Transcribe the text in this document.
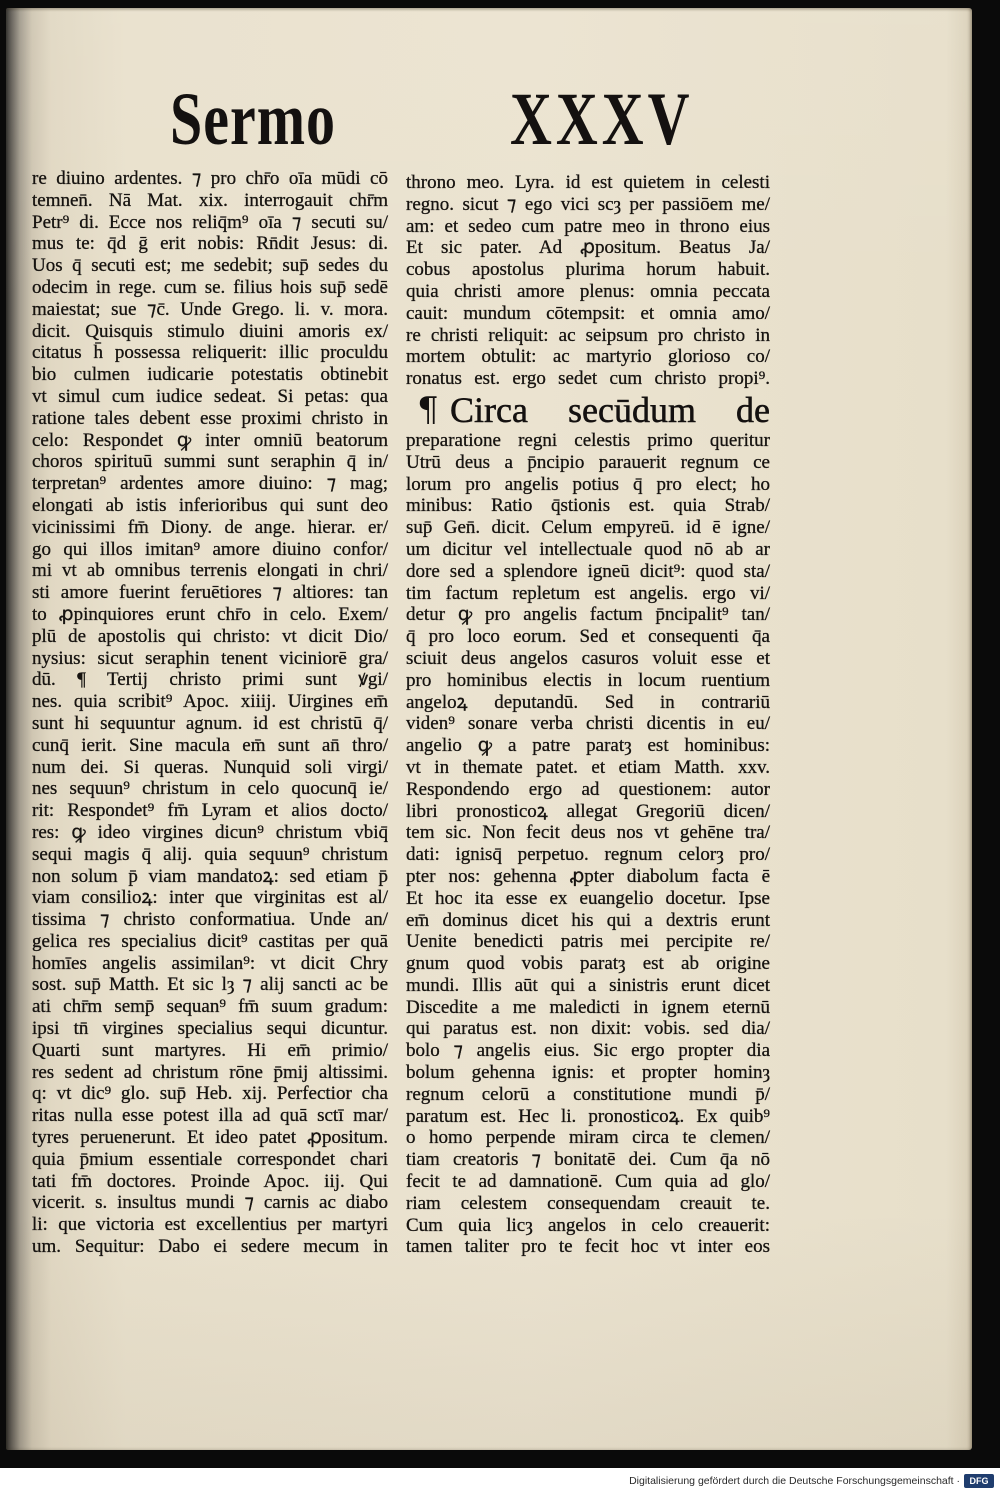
Sermo	XXXV
re diuino ardentes. ⁊ pro chr̄o oīa mūdi cō
temnen̄. Nā Mat. xix. interrogauit chr̄m
Petr⁹ di. Ecce nos reliq̄m⁹ oīa ⁊ secuti su/
mus te: q̄d ḡ erit nobis: Rn̄dit Jesus: di.
Uos q̄ secuti est; me sedebit; sup̄ sedes du
odecim in rege. cum se. filius hois sup̄ sedē
maiestat; sue ⁊c̄. Unde Grego. li. v. mora.
dicit. Quisquis stimulo diuini amoris ex/
citatus h̄ possessa reliquerit: illic proculdu
bio culmen iudicarie potestatis obtinebit
vt simul cum iudice sedeat. Si petas: qua
ratione tales debent esse proximi christo in
celo: Respondet ꝙ inter omniū beatorum
choros spirituū summi sunt seraphin q̄ in/
terpretan⁹ ardentes amore diuino: ⁊ mag;
elongati ab istis inferioribus qui sunt deo
vicinissimi fm̄ Diony. de ange. hierar. er/
go qui illos imitan⁹ amore diuino confor/
mi vt ab omnibus terrenis elongati in chri/
sti amore fuerint feruētiores ⁊ altiores: tan
to ꝓpinquiores erunt chr̄o in celo. Exem/
plū de apostolis qui christo: vt dicit Dio/
nysius: sicut seraphin tenent viciniorē gra/
dū. ¶ Tertij christo primi sunt ꝟgi/
nes. quia scribit⁹ Apoc. xiiij. Uirgines em̄
sunt hi sequuntur agnum. id est christū q̄/
cunq̄ ierit. Sine macula em̄ sunt an̄ thro/
num dei. Si queras. Nunquid soli virgi/
nes sequun⁹ christum in celo quocunq̄ ie/
rit: Respondet⁹ fm̄ Lyram et alios docto/
res: ꝙ ideo virgines dicun⁹ christum vbiq̄
sequi magis q̄ alij. quia sequun⁹ christum
non solum p̄ viam mandatoꝝ: sed etiam p̄
viam consilioꝝ: inter que virginitas est al/
tissima ⁊ christo conformatiua. Unde an/
gelica res specialius dicit⁹ castitas per quā
homīes angelis assimilan⁹: vt dicit Chry
sost. sup̄ Matth. Et sic lȝ ⁊ alij sancti ac be
ati chr̄m semp̄ sequan⁹ fm̄ suum gradum:
ipsi tn̄ virgines specialius sequi dicuntur.
Quarti sunt martyres. Hi em̄ primio/
res sedent ad christum rōne p̄mij altissimi.
q: vt dic⁹ glo. sup̄ Heb. xij. Perfectior cha
ritas nulla esse potest illa ad quā sctī mar/
tyres peruenerunt. Et ideo patet ꝓpositum.
quia p̄mium essentiale correspondet chari
tati fm̄ doctores. Proinde Apoc. iij. Qui
vicerit. s. insultus mundi ⁊ carnis ac diabo
li: que victoria est excellentius per martyri
um. Sequitur: Dabo ei sedere mecum in
throno meo. Lyra. id est quietem in celesti
regno. sicut ⁊ ego vici scȝ per passiōem me/
am: et sedeo cum patre meo in throno eius
Et sic pater. Ad ꝓpositum. Beatus Ja/
cobus apostolus plurima horum habuit.
quia christi amore plenus: omnia peccata
cauit: mundum cōtempsit: et omnia amo/
re christi reliquit: ac seipsum pro christo in
mortem obtulit: ac martyrio glorioso co/
ronatus est. ergo sedet cum christo propi⁹.
¶ Circa secūdum de
preparatione regni celestis primo queritur
Utrū deus a p̄ncipio parauerit regnum ce
lorum pro angelis potius q̄ pro elect; ho
minibus: Ratio q̄stionis est. quia Strab/
sup̄ Gen̄. dicit. Celum empyreū. id ē igne/
um dicitur vel intellectuale quod nō ab ar
dore sed a splendore igneū dicit⁹: quod sta/
tim factum repletum est angelis. ergo vi/
detur ꝙ pro angelis factum p̄ncipalit⁹ tan/
q̄ pro loco eorum. Sed et consequenti q̄a
sciuit deus angelos casuros voluit esse et
pro hominibus electis in locum ruentium
angeloꝝ deputandū. Sed in contrariū
viden⁹ sonare verba christi dicentis in eu/
angelio ꝙ a patre paratȝ est hominibus:
vt in themate patet. et etiam Matth. xxv.
Respondendo ergo ad questionem: autor
libri pronosticoꝝ allegat Gregoriū dicen/
tem sic. Non fecit deus nos vt gehēne tra/
dati: ignisq̄ perpetuo. regnum celorȝ pro/
pter nos: gehenna ꝓpter diabolum facta ē
Et hoc ita esse ex euangelio docetur. Ipse
em̄ dominus dicet his qui a dextris erunt
Uenite benedicti patris mei percipite re/
gnum quod vobis paratȝ est ab origine
mundi. Illis aūt qui a sinistris erunt dicet
Discedite a me maledicti in ignem eternū
qui paratus est. non dixit: vobis. sed dia/
bolo ⁊ angelis eius. Sic ergo propter dia
bolum gehenna ignis: et propter hominȝ
regnum celorū a constitutione mundi p̄/
paratum est. Hec li. pronosticoꝝ. Ex quib⁹
o homo perpende miram circa te clemen/
tiam creatoris ⁊ bonitatē dei. Cum q̄a nō
fecit te ad damnationē. Cum quia ad glo/
riam celestem consequendam creauit te.
Cum quia licȝ angelos in celo creauerit:
tamen taliter pro te fecit hoc vt inter eos
Digitalisierung gefördert durch die Deutsche Forschungsgemeinschaft ·	DFG
